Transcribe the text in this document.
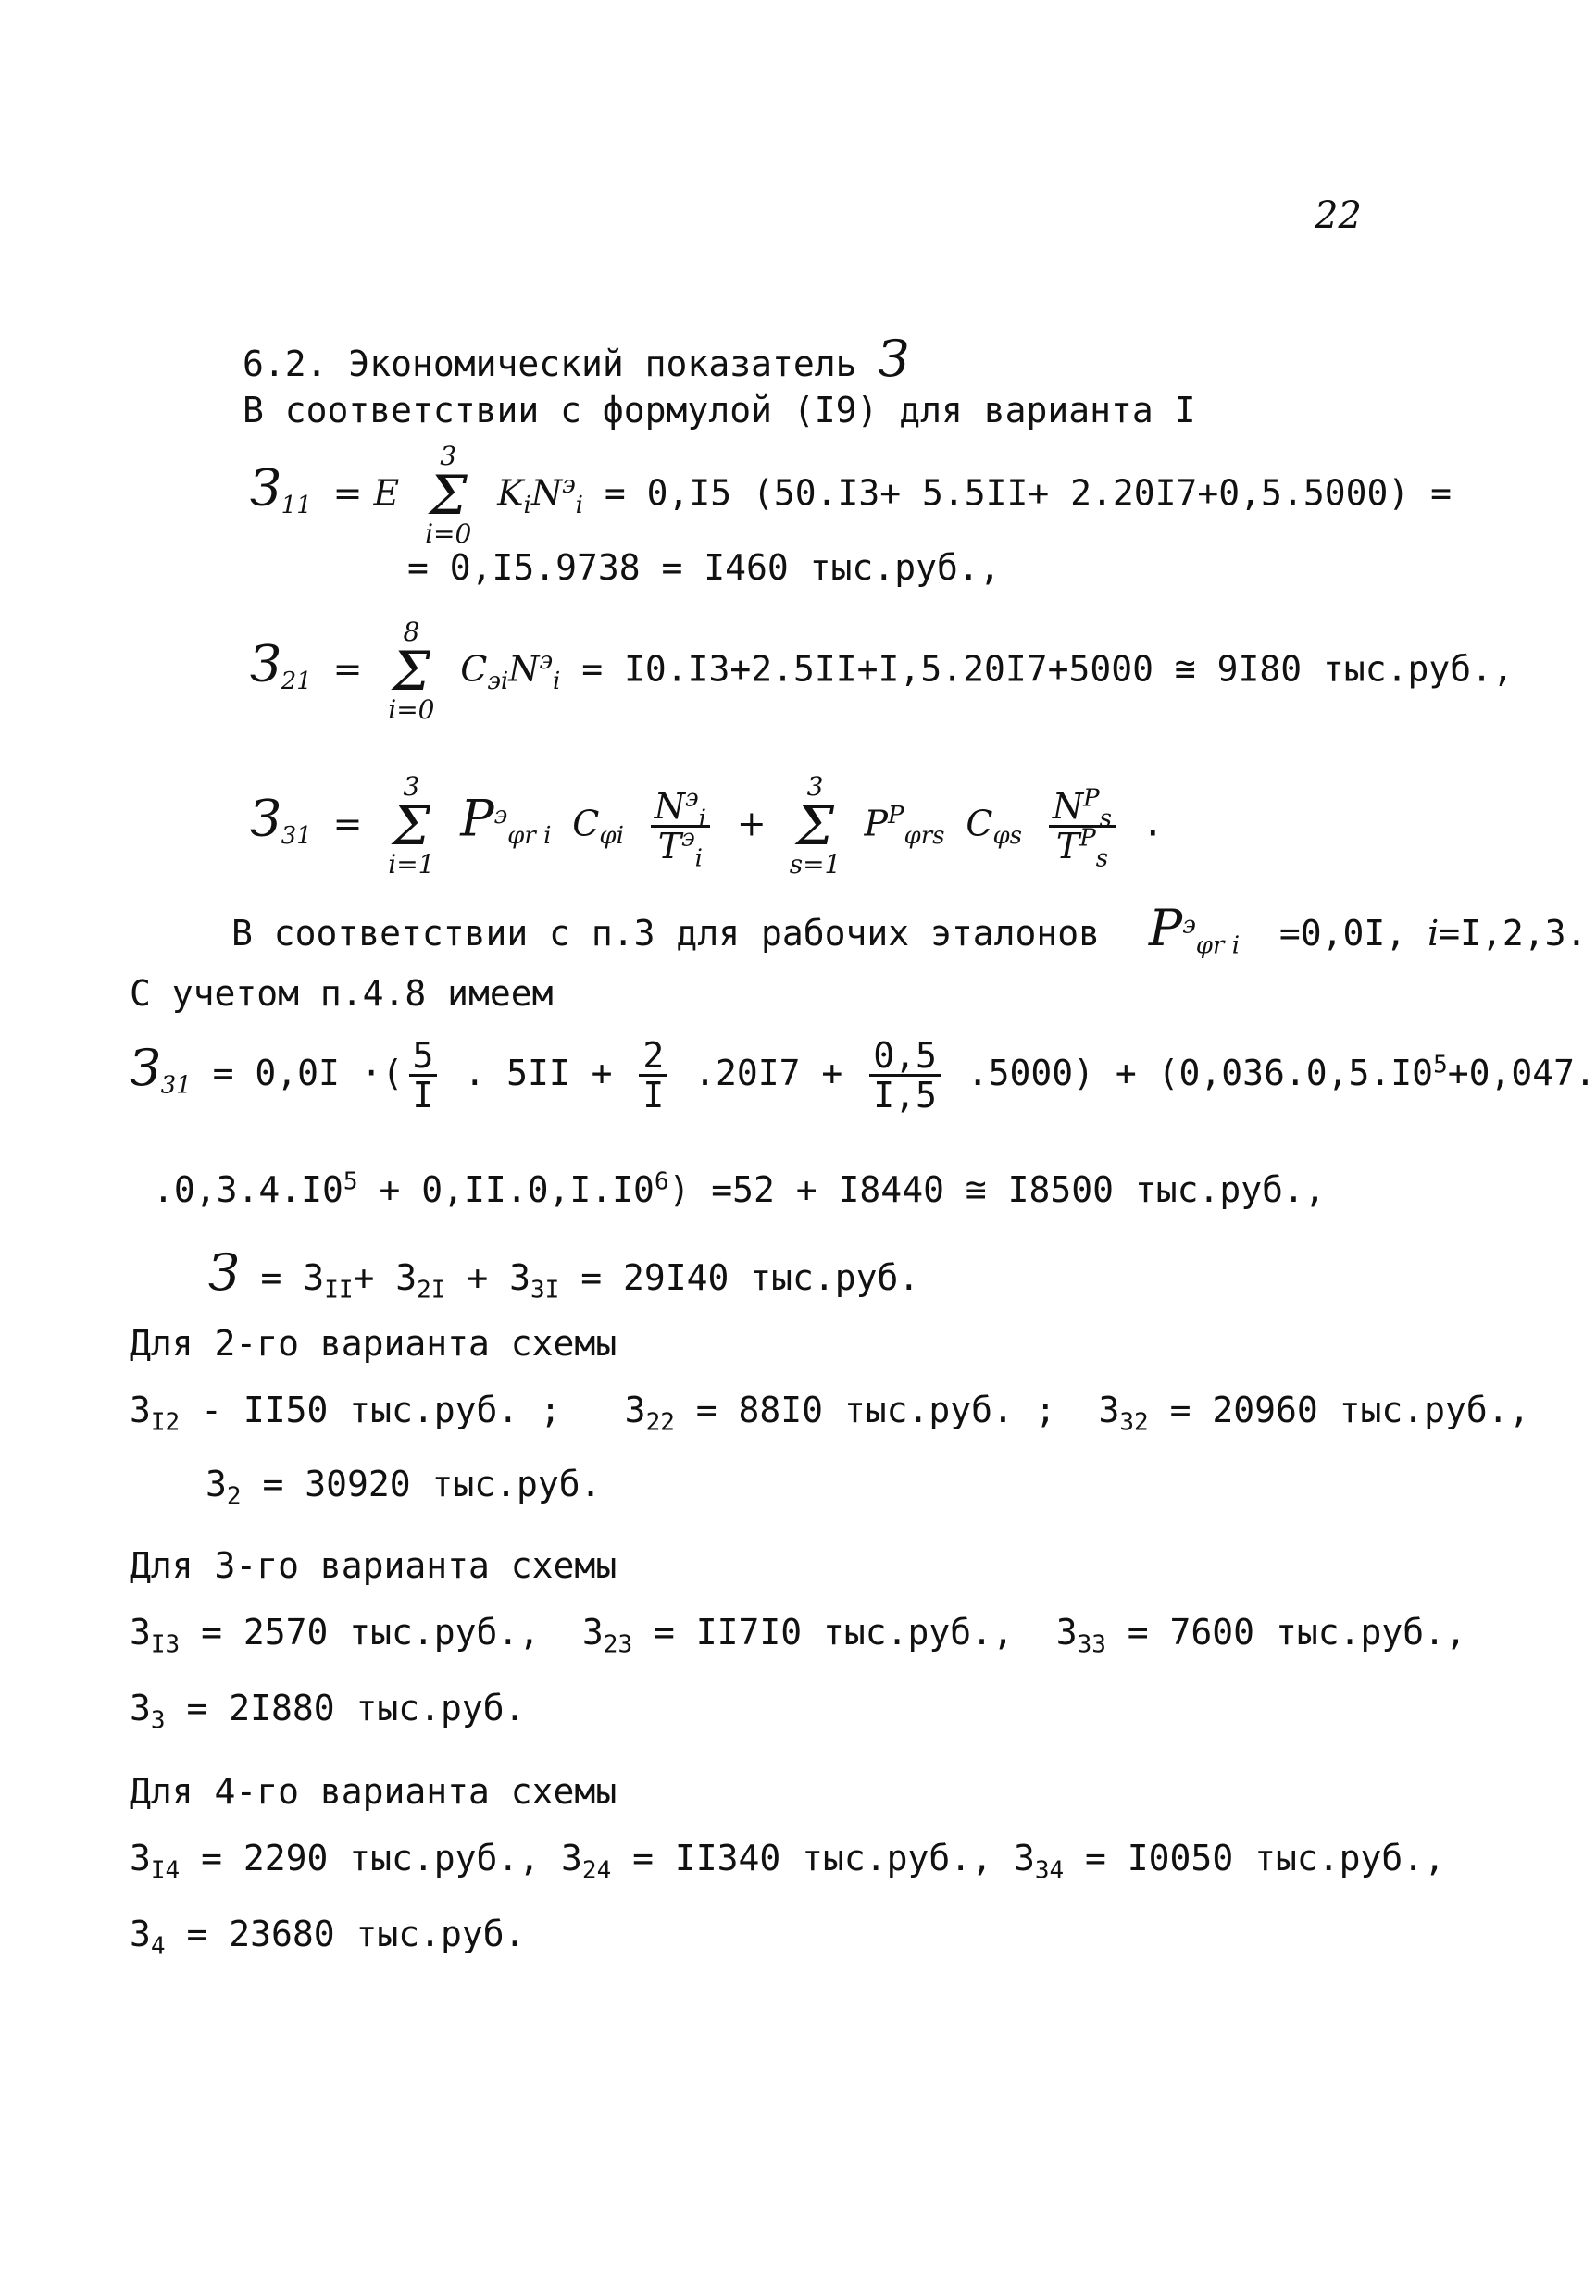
22
6.2. Экономический показатель З
В соответствии с формулой (I9) для варианта I
$З_{11} = E$
3
Σ
i=0
$K_iN^э_i = 0,I5$ (50.I3+ 5.5II+ 2.20I7+0,5.5000) =
= 0,I5.9738 = I460 тыс.руб.,
$З_{21}$ =
8
Σ
i=0
$C_{эi}N^э_i = I0.I3+2.5II+I,5.20I7+5000$ ≅ 9I80 тыс.руб.,
$З_{31}$ =
3
Σ
i=1
$P^э_{\varphi r i}$ $C_{\varphi i} \frac{N^э_i}{T^э_i}$ +
3
Σ
s=1
$P^P_{\varphi rs}$ $C_{\varphi s} \frac{N^P_s}{T^P_s}$ .
В соответствии с п.3 для рабочих эталонов $P^э_{\varphi r i} =0,0I$, i=I,2,3.
С учетом п.4.8 имеем
$З_{31} = 0,0I$ ·( $\frac{5}{I}$ . $5II + \frac{2}{I} .20I7 + \frac{0,5}{I,5} .5000) + (0,036.0,5.I0^5+0,047$.
$.0,3.4.I0^5 + 0,II.0,I.I0^6) =52 + I8440$ ≅ I8500 тыс.руб.,
$З = З_{II}+ З_{2I} + З_{3I} = 29I40$ тыс.руб.
Для 2-го варианта схемы
$З_{I2} - II50$ тыс.руб. ; $З_{22} = 88I0$ тыс.руб. ; $З_{32} = 20960$ тыс.руб.,
$З_2 = 30920$ тыс.руб.
Для 3-го варианта схемы
$З_{I3} = 2570$ тыс.руб., $З_{23} = II7I0$ тыс.руб., $З_{33} = 7600$ тыс.руб.,
$З_3 = 2I880$ тыс.руб.
Для 4-го варианта схемы
$З_{I4} = 2290$ тыс.руб., $З_{24} = II340$ тыс.руб., $З_{34} = I0050$ тыс.руб.,
$З_4 = 23680$ тыс.руб.
